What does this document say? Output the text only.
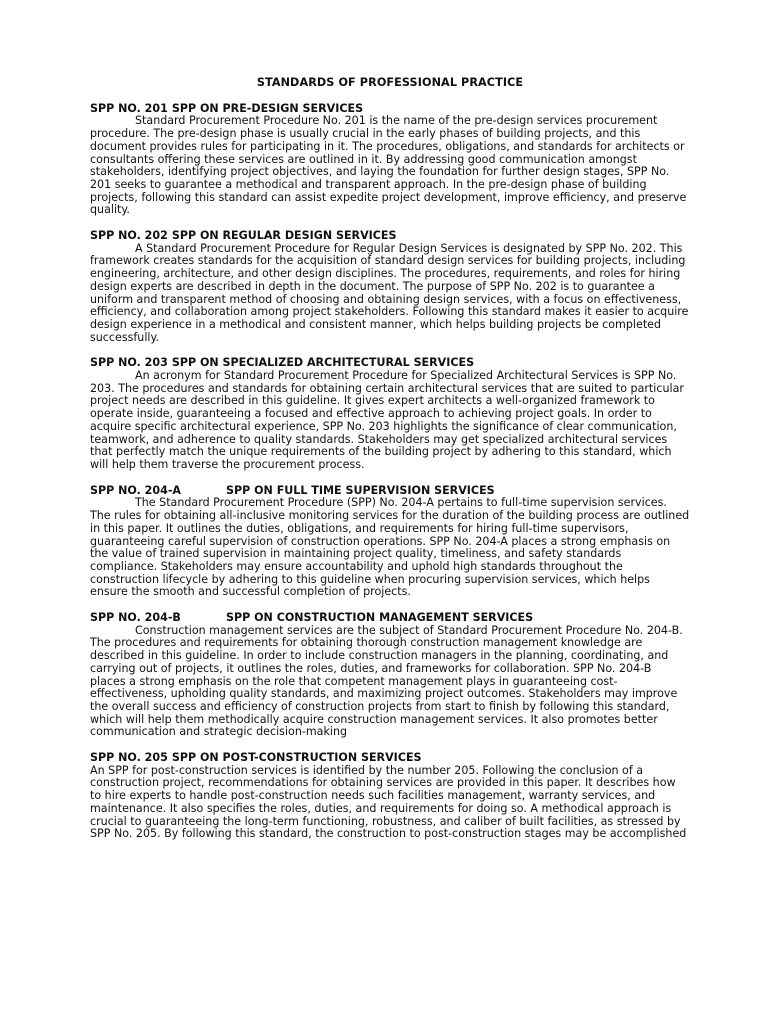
STANDARDS OF PROFESSIONAL PRACTICE
SPP NO. 201 SPP ON PRE-DESIGN SERVICES
Standard Procurement Procedure No. 201 is the name of the pre-design services procurement procedure. The pre-design phase is usually crucial in the early phases of building projects, and this document provides rules for participating in it. The procedures, obligations, and standards for architects or consultants offering these services are outlined in it. By addressing good communication amongst stakeholders, identifying project objectives, and laying the foundation for further design stages, SPP No. 201 seeks to guarantee a methodical and transparent approach. In the pre-design phase of building projects, following this standard can assist expedite project development, improve efficiency, and preserve quality.
SPP NO. 202 SPP ON REGULAR DESIGN SERVICES
A Standard Procurement Procedure for Regular Design Services is designated by SPP No. 202. This framework creates standards for the acquisition of standard design services for building projects, including engineering, architecture, and other design disciplines. The procedures, requirements, and roles for hiring design experts are described in depth in the document. The purpose of SPP No. 202 is to guarantee a uniform and transparent method of choosing and obtaining design services, with a focus on effectiveness, efficiency, and collaboration among project stakeholders. Following this standard makes it easier to acquire design experience in a methodical and consistent manner, which helps building projects be completed successfully.
SPP NO. 203 SPP ON SPECIALIZED ARCHITECTURAL SERVICES
An acronym for Standard Procurement Procedure for Specialized Architectural Services is SPP No. 203. The procedures and standards for obtaining certain architectural services that are suited to particular project needs are described in this guideline. It gives expert architects a well-organized framework to operate inside, guaranteeing a focused and effective approach to achieving project goals. In order to acquire specific architectural experience, SPP No. 203 highlights the significance of clear communication, teamwork, and adherence to quality standards. Stakeholders may get specialized architectural services that perfectly match the unique requirements of the building project by adhering to this standard, which will help them traverse the procurement process.
SPP NO. 204-A	SPP ON FULL TIME SUPERVISION SERVICES
The Standard Procurement Procedure (SPP) No. 204-A pertains to full-time supervision services. The rules for obtaining all-inclusive monitoring services for the duration of the building process are outlined in this paper. It outlines the duties, obligations, and requirements for hiring full-time supervisors, guaranteeing careful supervision of construction operations. SPP No. 204-A places a strong emphasis on the value of trained supervision in maintaining project quality, timeliness, and safety standards compliance. Stakeholders may ensure accountability and uphold high standards throughout the construction lifecycle by adhering to this guideline when procuring supervision services, which helps ensure the smooth and successful completion of projects.
SPP NO. 204-B	SPP ON CONSTRUCTION MANAGEMENT SERVICES
Construction management services are the subject of Standard Procurement Procedure No. 204-B. The procedures and requirements for obtaining thorough construction management knowledge are described in this guideline. In order to include construction managers in the planning, coordinating, and carrying out of projects, it outlines the roles, duties, and frameworks for collaboration. SPP No. 204-B places a strong emphasis on the role that competent management plays in guaranteeing cost-effectiveness, upholding quality standards, and maximizing project outcomes. Stakeholders may improve the overall success and efficiency of construction projects from start to finish by following this standard, which will help them methodically acquire construction management services. It also promotes better communication and strategic decision-making
SPP NO. 205 SPP ON POST-CONSTRUCTION SERVICES
An SPP for post-construction services is identified by the number 205. Following the conclusion of a construction project, recommendations for obtaining services are provided in this paper. It describes how to hire experts to handle post-construction needs such facilities management, warranty services, and maintenance. It also specifies the roles, duties, and requirements for doing so. A methodical approach is crucial to guaranteeing the long-term functioning, robustness, and caliber of built facilities, as stressed by SPP No. 205. By following this standard, the construction to post-construction stages may be accomplished
